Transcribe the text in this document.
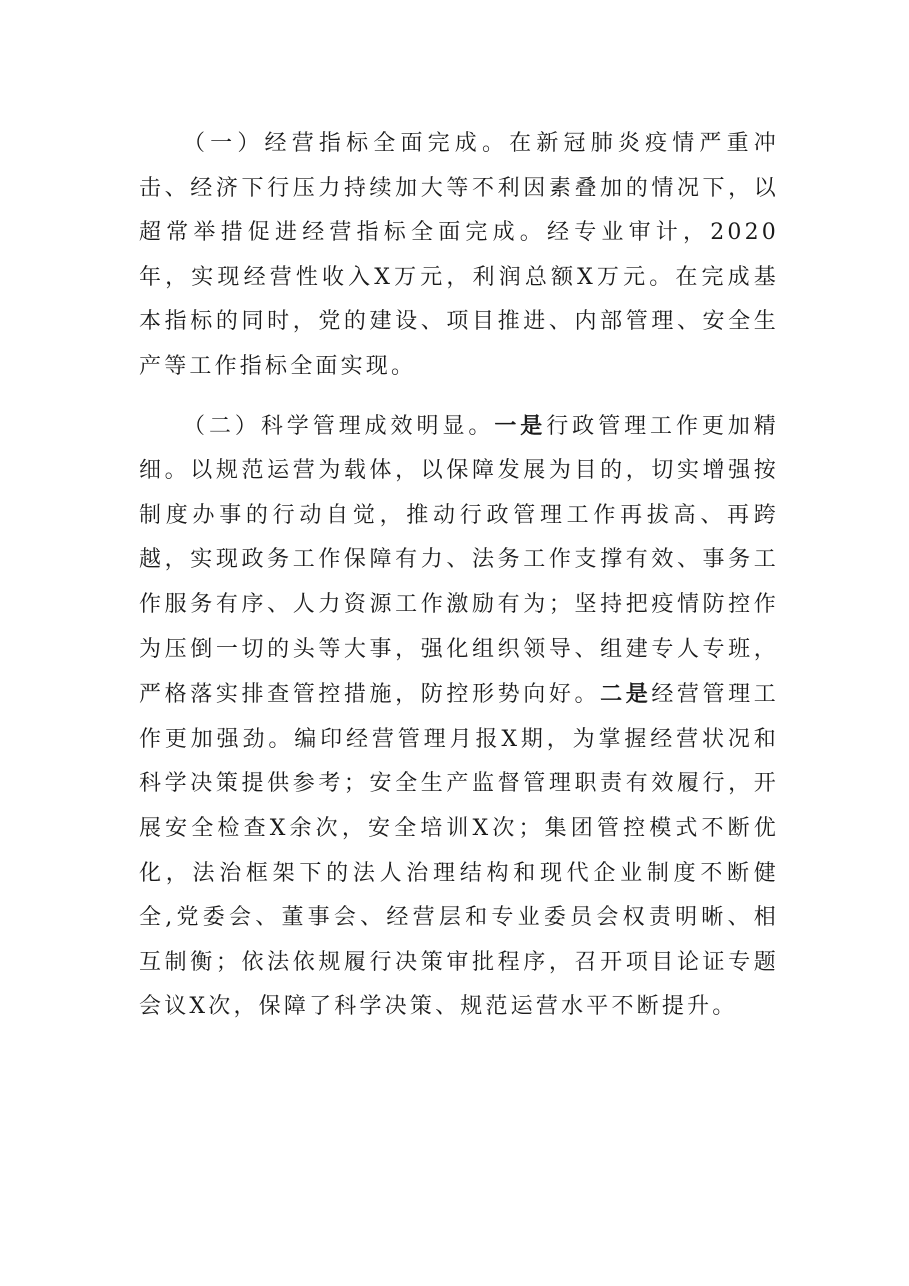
（一）经营指标全面完成。在新冠肺炎疫情严重冲击、经济下行压力持续加大等不利因素叠加的情况下，以超常举措促进经营指标全面完成。经专业审计，2020年，实现经营性收入X万元，利润总额X万元。在完成基本指标的同时，党的建设、项目推进、内部管理、安全生产等工作指标全面实现。

（二）科学管理成效明显。一是行政管理工作更加精细。以规范运营为载体，以保障发展为目的，切实增强按制度办事的行动自觉，推动行政管理工作再拔高、再跨越，实现政务工作保障有力、法务工作支撑有效、事务工作服务有序、人力资源工作激励有为；坚持把疫情防控作为压倒一切的头等大事，强化组织领导、组建专人专班，严格落实排查管控措施，防控形势向好。二是经营管理工作更加强劲。编印经营管理月报X期，为掌握经营状况和科学决策提供参考；安全生产监督管理职责有效履行，开展安全检查X余次，安全培训X次；集团管控模式不断优化，法治框架下的法人治理结构和现代企业制度不断健全,党委会、董事会、经营层和专业委员会权责明晰、相互制衡；依法依规履行决策审批程序，召开项目论证专题会议X次，保障了科学决策、规范运营水平不断提升。
